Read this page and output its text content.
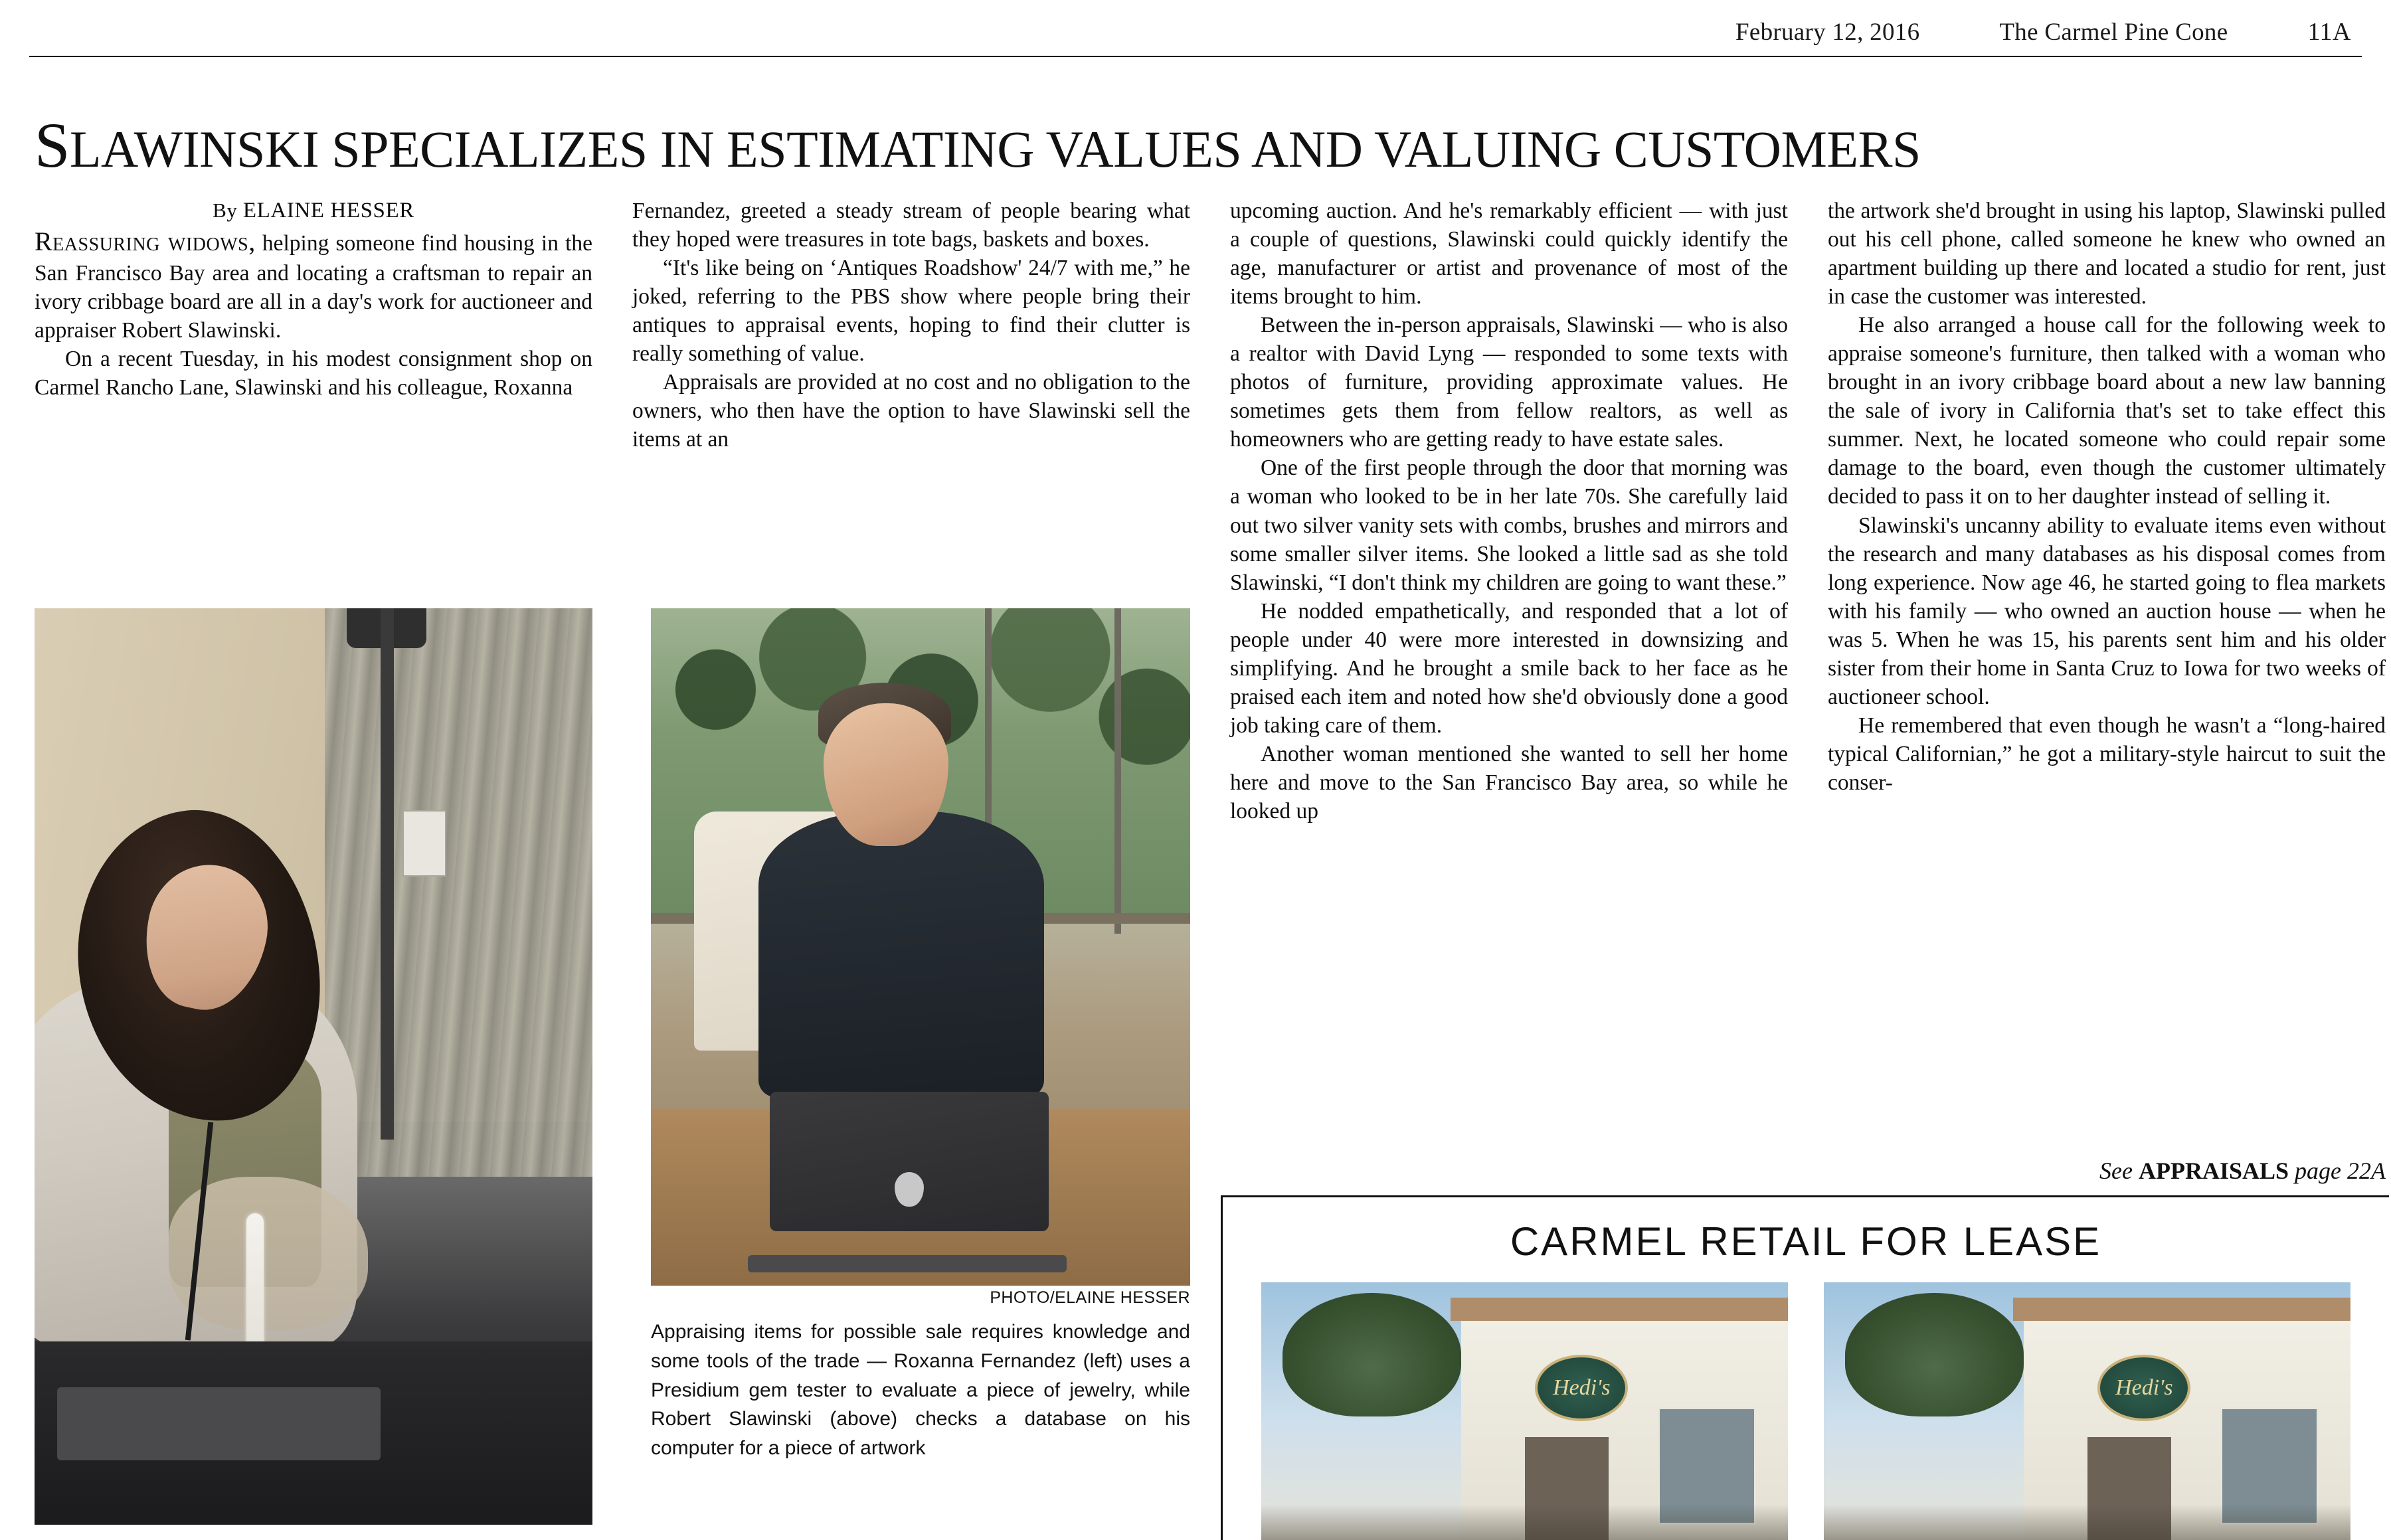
February 12, 2016	The Carmel Pine Cone	11A
SLAWINSKI SPECIALIZES IN ESTIMATING VALUES AND VALUING CUSTOMERS

By ELAINE HESSER

Reassuring widows, helping someone find housing in the San Francisco Bay area and locating a craftsman to repair an ivory cribbage board are all in a day's work for auctioneer and appraiser Robert Slawinski.

On a recent Tuesday, in his modest consignment shop on Carmel Rancho Lane, Slawinski and his colleague, Roxanna

Fernandez, greeted a steady stream of people bearing what they hoped were treasures in tote bags, baskets and boxes.

“It's like being on ‘Antiques Roadshow' 24/7 with me,” he joked, referring to the PBS show where people bring their antiques to appraisal events, hoping to find their clutter is really something of value.

Appraisals are provided at no cost and no obligation to the owners, who then have the option to have Slawinski sell the items at an

upcoming auction. And he's remarkably efficient — with just a couple of questions, Slawinski could quickly identify the age, manufacturer or artist and provenance of most of the items brought to him.

Between the in-person appraisals, Slawinski — who is also a realtor with David Lyng — responded to some texts with photos of furniture, providing approximate values. He sometimes gets them from fellow realtors, as well as homeowners who are getting ready to have estate sales.

One of the first people through the door that morning was a woman who looked to be in her late 70s. She carefully laid out two silver vanity sets with combs, brushes and mirrors and some smaller silver items. She looked a little sad as she told Slawinski, “I don't think my children are going to want these.”

He nodded empathetically, and responded that a lot of people under 40 were more interested in downsizing and simplifying. And he brought a smile back to her face as he praised each item and noted how she'd obviously done a good job taking care of them.

Another woman mentioned she wanted to sell her home here and move to the San Francisco Bay area, so while he looked up

the artwork she'd brought in using his laptop, Slawinski pulled out his cell phone, called someone he knew who owned an apartment building up there and located a studio for rent, just in case the customer was interested.

He also arranged a house call for the following week to appraise someone's furniture, then talked with a woman who brought in an ivory cribbage board about a new law banning the sale of ivory in California that's set to take effect this summer. Next, he located someone who could repair some damage to the board, even though the customer ultimately decided to pass it on to her daughter instead of selling it.

Slawinski's uncanny ability to evaluate items even without the research and many databases as his disposal comes from long experience. Now age 46, he started going to flea markets with his family — who owned an auction house — when he was 5. When he was 15, his parents sent him and his older sister from their home in Santa Cruz to Iowa for two weeks of auctioneer school.

He remembered that even though he wasn't a “long-haired typical Californian,” he got a military-style haircut to suit the conser-

See APPRAISALS page 22A
PHOTO/ELAINE HESSER
Appraising items for possible sale requires knowledge and some tools of the trade — Roxanna Fernandez (left) uses a Presidium gem tester to evaluate a piece of jewelry, while Robert Slawinski (above) checks a database on his computer for a piece of artwork
CARMEL RETAIL FOR LEASE
Hedi's	Hedi's
